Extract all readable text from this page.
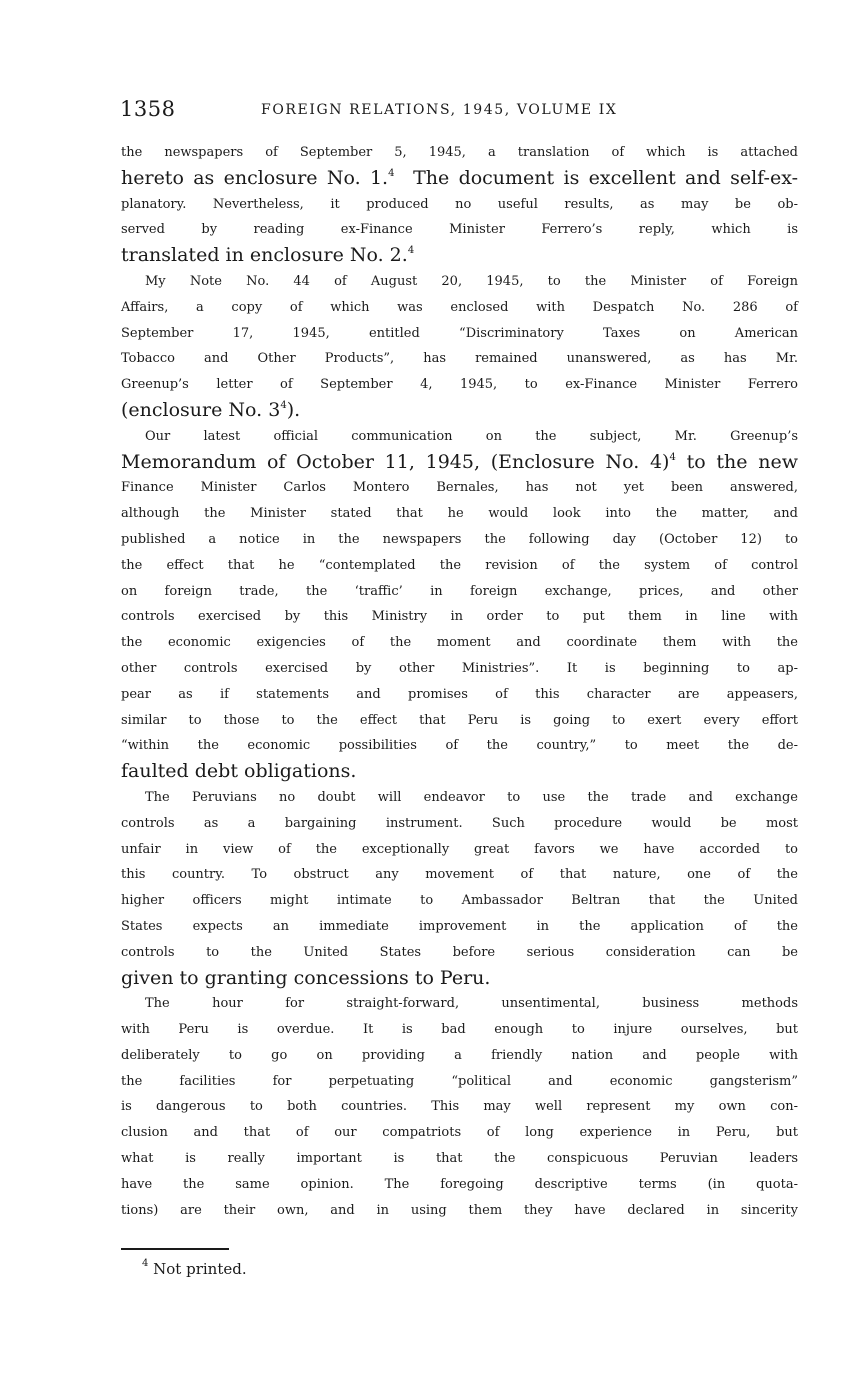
1358	FOREIGN RELATIONS, 1945, VOLUME IX
the newspapers of September 5, 1945, a translation of which is attached
hereto as enclosure No. 1.$^4$ The document is excellent and self-ex-
planatory. Nevertheless, it produced no useful results, as may be ob-
served by reading ex-Finance Minister Ferrero’s reply, which is
translated in enclosure No. 2.$^4$
My Note No. 44 of August 20, 1945, to the Minister of Foreign
Affairs, a copy of which was enclosed with Despatch No. 286 of
September 17, 1945, entitled “Discriminatory Taxes on American
Tobacco and Other Products”, has remained unanswered, as has Mr.
Greenup’s letter of September 4, 1945, to ex-Finance Minister Ferrero
(enclosure No. $3^4$).
Our latest official communication on the subject, Mr. Greenup’s
Memorandum of October 11, 1945, (Enclosure No. 4)$^4$ to the new
Finance Minister Carlos Montero Bernales, has not yet been answered,
although the Minister stated that he would look into the matter, and
published a notice in the newspapers the following day (October 12) to
the effect that he “contemplated the revision of the system of control
on foreign trade, the ‘traffic’ in foreign exchange, prices, and other
controls exercised by this Ministry in order to put them in line with
the economic exigencies of the moment and coordinate them with the
other controls exercised by other Ministries”. It is beginning to ap-
pear as if statements and promises of this character are appeasers,
similar to those to the effect that Peru is going to exert every effort
“within the economic possibilities of the country,” to meet the de-
faulted debt obligations.
The Peruvians no doubt will endeavor to use the trade and exchange
controls as a bargaining instrument. Such procedure would be most
unfair in view of the exceptionally great favors we have accorded to
this country. To obstruct any movement of that nature, one of the
higher officers might intimate to Ambassador Beltran that the United
States expects an immediate improvement in the application of the
controls to the United States before serious consideration can be
given to granting concessions to Peru.
The hour for straight-forward, unsentimental, business methods
with Peru is overdue. It is bad enough to injure ourselves, but
deliberately to go on providing a friendly nation and people with
the facilities for perpetuating “political and economic gangsterism”
is dangerous to both countries. This may well represent my own con-
clusion and that of our compatriots of long experience in Peru, but
what is really important is that the conspicuous Peruvian leaders
have the same opinion. The foregoing descriptive terms (in quota-
tions) are their own, and in using them they have declared in sincerity
$^4$ Not printed.
